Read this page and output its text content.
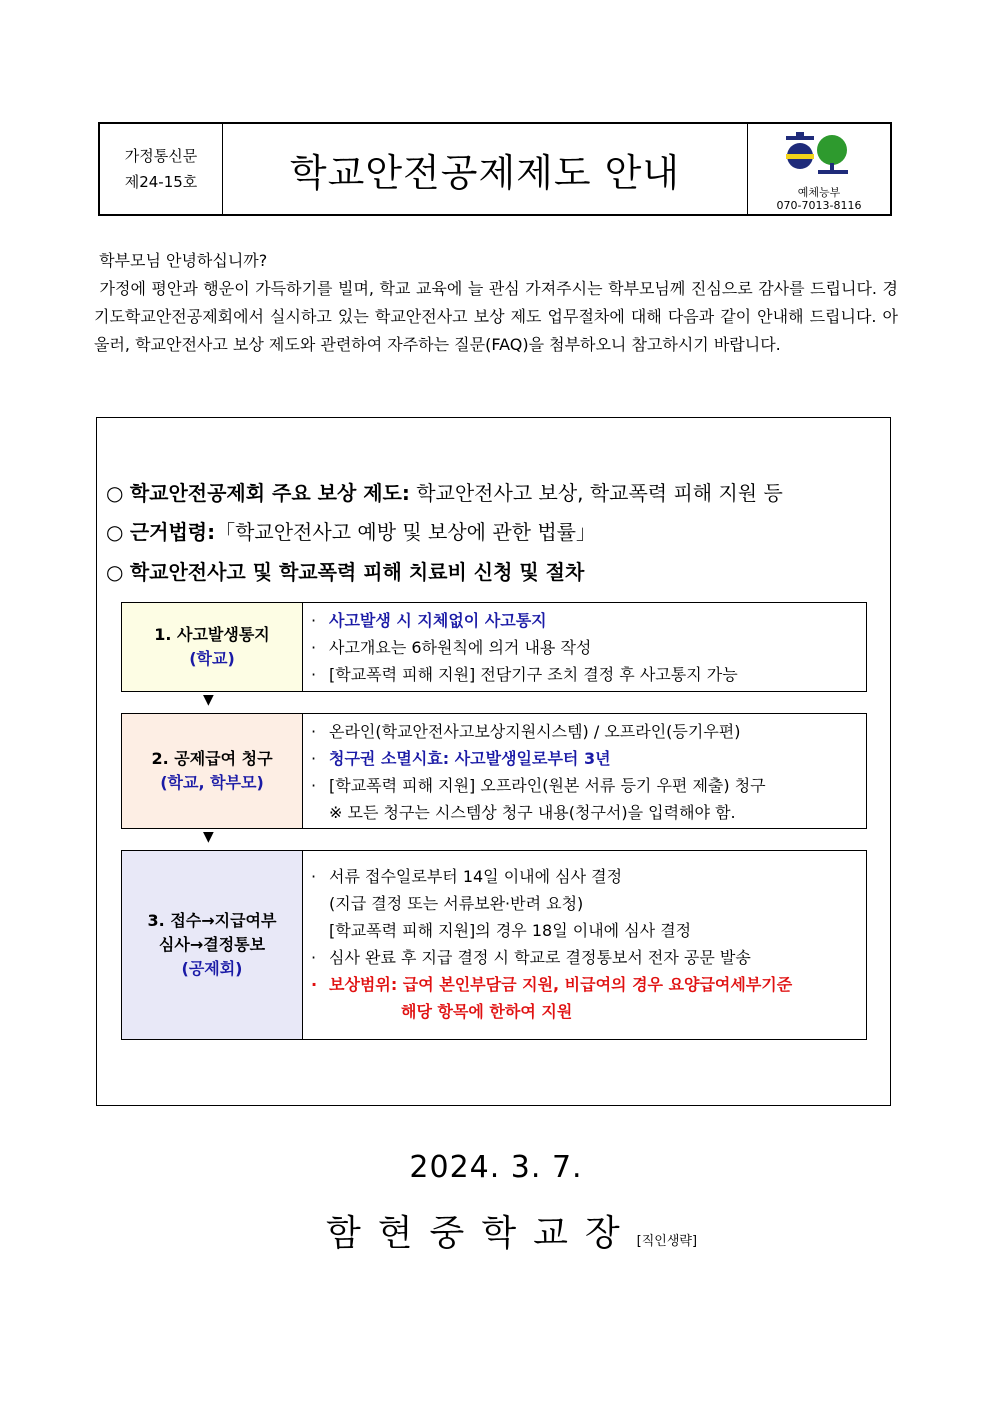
가정통신문
제24-15호	학교안전공제제도 안내	예체능부
070-7013-8116

학부모님 안녕하십니까?

가정에 평안과 행운이 가득하기를 빌며, 학교 교육에 늘 관심 가져주시는 학부모님께 진심으로 감사를 드립니다. 경기도학교안전공제회에서 실시하고 있는 학교안전사고 보상 제도 업무절차에 대해 다음과 같이 안내해 드립니다. 아울러, 학교안전사고 보상 제도와 관련하여 자주하는 질문(FAQ)을 첨부하오니 참고하시기 바랍니다.

○ 학교안전공제회 주요 보상 제도: 학교안전사고 보상, 학교폭력 피해 지원 등
○ 근거법령:「학교안전사고 예방 및 보상에 관한 법률」
○ 학교안전사고 및 학교폭력 피해 치료비 신청 및 절차
1. 사고발생통지
(학교)
· 사고발생 시 지체없이 사고통지
· 사고개요는 6하원칙에 의거 내용 작성
· [학교폭력 피해 지원] 전담기구 조치 결정 후 사고통지 가능
▼
2. 공제급여 청구
(학교, 학부모)
· 온라인(학교안전사고보상지원시스템) / 오프라인(등기우편)
· 청구권 소멸시효: 사고발생일로부터 3년
· [학교폭력 피해 지원] 오프라인(원본 서류 등기 우편 제출) 청구
※ 모든 청구는 시스템상 청구 내용(청구서)을 입력해야 함.
▼
3. 접수→지급여부
심사→결정통보
(공제회)
· 서류 접수일로부터 14일 이내에 심사 결정
(지급 결정 또는 서류보완·반려 요청)
[학교폭력 피해 지원]의 경우 18일 이내에 심사 결정
· 심사 완료 후 지급 결정 시 학교로 결정통보서 전자 공문 발송
· 보상범위: 급여 본인부담금 지원, 비급여의 경우 요양급여세부기준
해당 항목에 한하여 지원
2024. 3. 7.
함현중학교장[직인생략]
